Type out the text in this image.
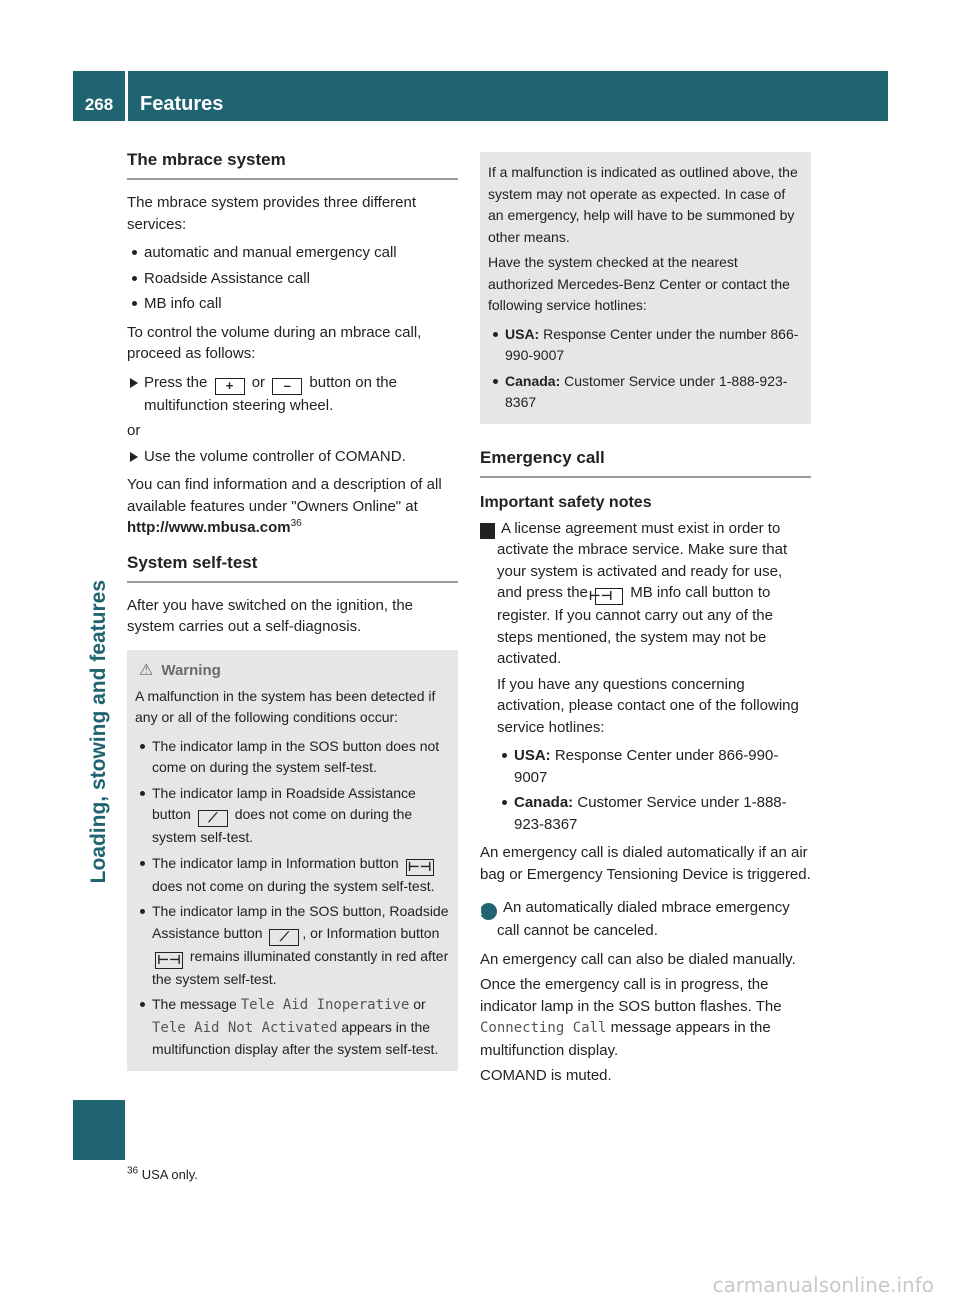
268	Features
Loading, stowing and features
The mbrace system

The mbrace system provides three different services:

automatic and manual emergency call
Roadside Assistance call
MB info call

To control the volume during an mbrace call, proceed as follows:

Press the + or – button on the multifunction steering wheel.

or

Use the volume controller of COMAND.

You can find information and a description of all available features under "Owners Online" at http://www.mbusa.com$^{36}$

System self-test

After you have switched on the ignition, the system carries out a self-diagnosis.

⚠ Warning

A malfunction in the system has been detected if any or all of the following conditions occur:

The indicator lamp in the SOS button does not come on during the system self-test.
The indicator lamp in Roadside Assistance button ⟋ does not come on during the system self-test.
The indicator lamp in Information button ⊢⊣ does not come on during the system self-test.
The indicator lamp in the SOS button, Roadside Assistance button ⟋ , or Information button ⊢⊣ remains illuminated constantly in red after the system self-test.
The message Tele Aid Inoperative or Tele Aid Not Activated appears in the multifunction display after the system self-test.

If a malfunction is indicated as outlined above, the system may not operate as expected. In case of an emergency, help will have to be summoned by other means.

Have the system checked at the nearest authorized Mercedes-Benz Center or contact the following service hotlines:

USA: Response Center under the number 866-990-9007
Canada: Customer Service under 1-888-923-8367
Emergency call
Important safety notes

! A license agreement must exist in order to activate the mbrace service. Make sure that your system is activated and ready for use, and press the ⊢⊣ MB info call button to register. If you cannot carry out any of the steps mentioned, the system may not be activated.

If you have any questions concerning activation, please contact one of the following service hotlines:

USA: Response Center under 866-990-9007
Canada: Customer Service under 1-888-923-8367

An emergency call is dialed automatically if an air bag or Emergency Tensioning Device is triggered.

i An automatically dialed mbrace emergency call cannot be canceled.

An emergency call can also be dialed manually.

Once the emergency call is in progress, the indicator lamp in the SOS button flashes. The Connecting Call message appears in the multifunction display.

COMAND is muted.

$^{36}$ USA only.
carmanualsonline.info
